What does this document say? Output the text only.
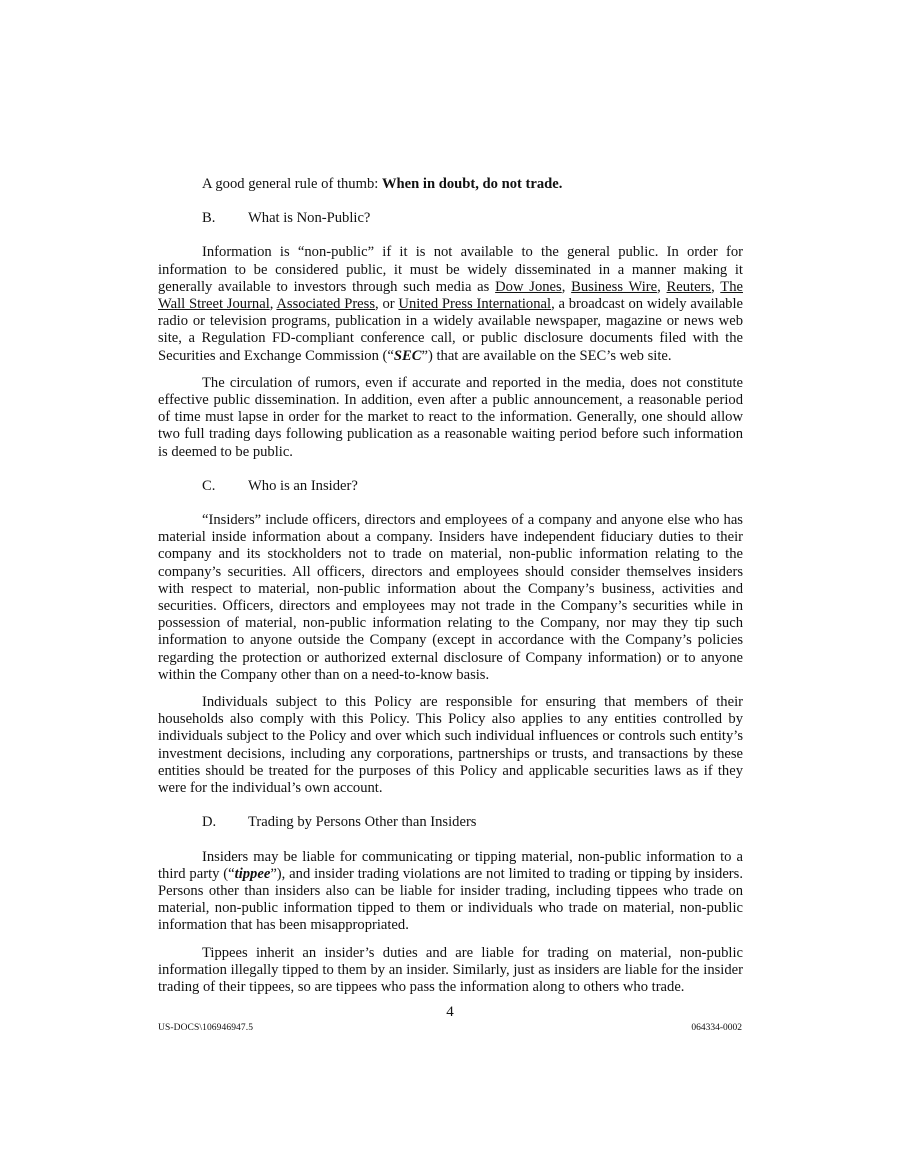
A good general rule of thumb: When in doubt, do not trade.

B. What is Non-Public?

Information is “non-public” if it is not available to the general public. In order for information to be considered public, it must be widely disseminated in a manner making it generally available to investors through such media as Dow Jones, Business Wire, Reuters, The Wall Street Journal, Associated Press, or United Press International, a broadcast on widely available radio or television programs, publication in a widely available newspaper, magazine or news web site, a Regulation FD-compliant conference call, or public disclosure documents filed with the Securities and Exchange Commission (“SEC”) that are available on the SEC’s web site.

The circulation of rumors, even if accurate and reported in the media, does not constitute effective public dissemination. In addition, even after a public announcement, a reasonable period of time must lapse in order for the market to react to the information. Generally, one should allow two full trading days following publication as a reasonable waiting period before such information is deemed to be public.

C. Who is an Insider?

“Insiders” include officers, directors and employees of a company and anyone else who has material inside information about a company. Insiders have independent fiduciary duties to their company and its stockholders not to trade on material, non-public information relating to the company’s securities. All officers, directors and employees should consider themselves insiders with respect to material, non-public information about the Company’s business, activities and securities. Officers, directors and employees may not trade in the Company’s securities while in possession of material, non-public information relating to the Company, nor may they tip such information to anyone outside the Company (except in accordance with the Company’s policies regarding the protection or authorized external disclosure of Company information) or to anyone within the Company other than on a need-to-know basis.

Individuals subject to this Policy are responsible for ensuring that members of their households also comply with this Policy. This Policy also applies to any entities controlled by individuals subject to the Policy and over which such individual influences or controls such entity’s investment decisions, including any corporations, partnerships or trusts, and transactions by these entities should be treated for the purposes of this Policy and applicable securities laws as if they were for the individual’s own account.

D. Trading by Persons Other than Insiders

Insiders may be liable for communicating or tipping material, non-public information to a third party (“tippee”), and insider trading violations are not limited to trading or tipping by insiders. Persons other than insiders also can be liable for insider trading, including tippees who trade on material, non-public information tipped to them or individuals who trade on material, non-public information that has been misappropriated.

Tippees inherit an insider’s duties and are liable for trading on material, non-public information illegally tipped to them by an insider. Similarly, just as insiders are liable for the insider trading of their tippees, so are tippees who pass the information along to others who trade.

4
US-DOCS\106946947.5	064334-0002
